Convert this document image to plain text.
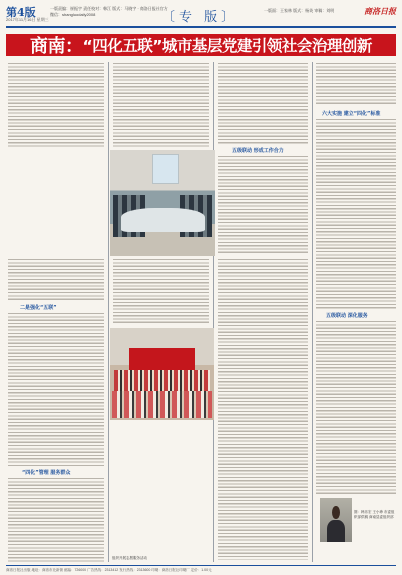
第4版
2017年11月16日 星期三
一版责编：崔振宇 责任校对：韩江 版式：马晓宇 · 商洛日报社官方微信：shangluodaily2008	〔专 版〕	一版面：王家林 版式：杨英 审稿：刘明	商洛日报
商南： “四化五联”城市基层党建引领社会治理创新
二是强化“五联”
“四化”管理 服务群众
五级联动 形成工作合力
六大实施 建立“四化”标准
五级联动 深化服务
组织开展志愿服务活动
图：韩乐宏 王小珍 市委组织部供稿 商南县委组织部
商洛日报社出版 地址：商洛市北新街 邮编：726000 广告热线：2313412 发行热线：2313600 印刷：商洛日报社印刷厂 定价：1.00元
